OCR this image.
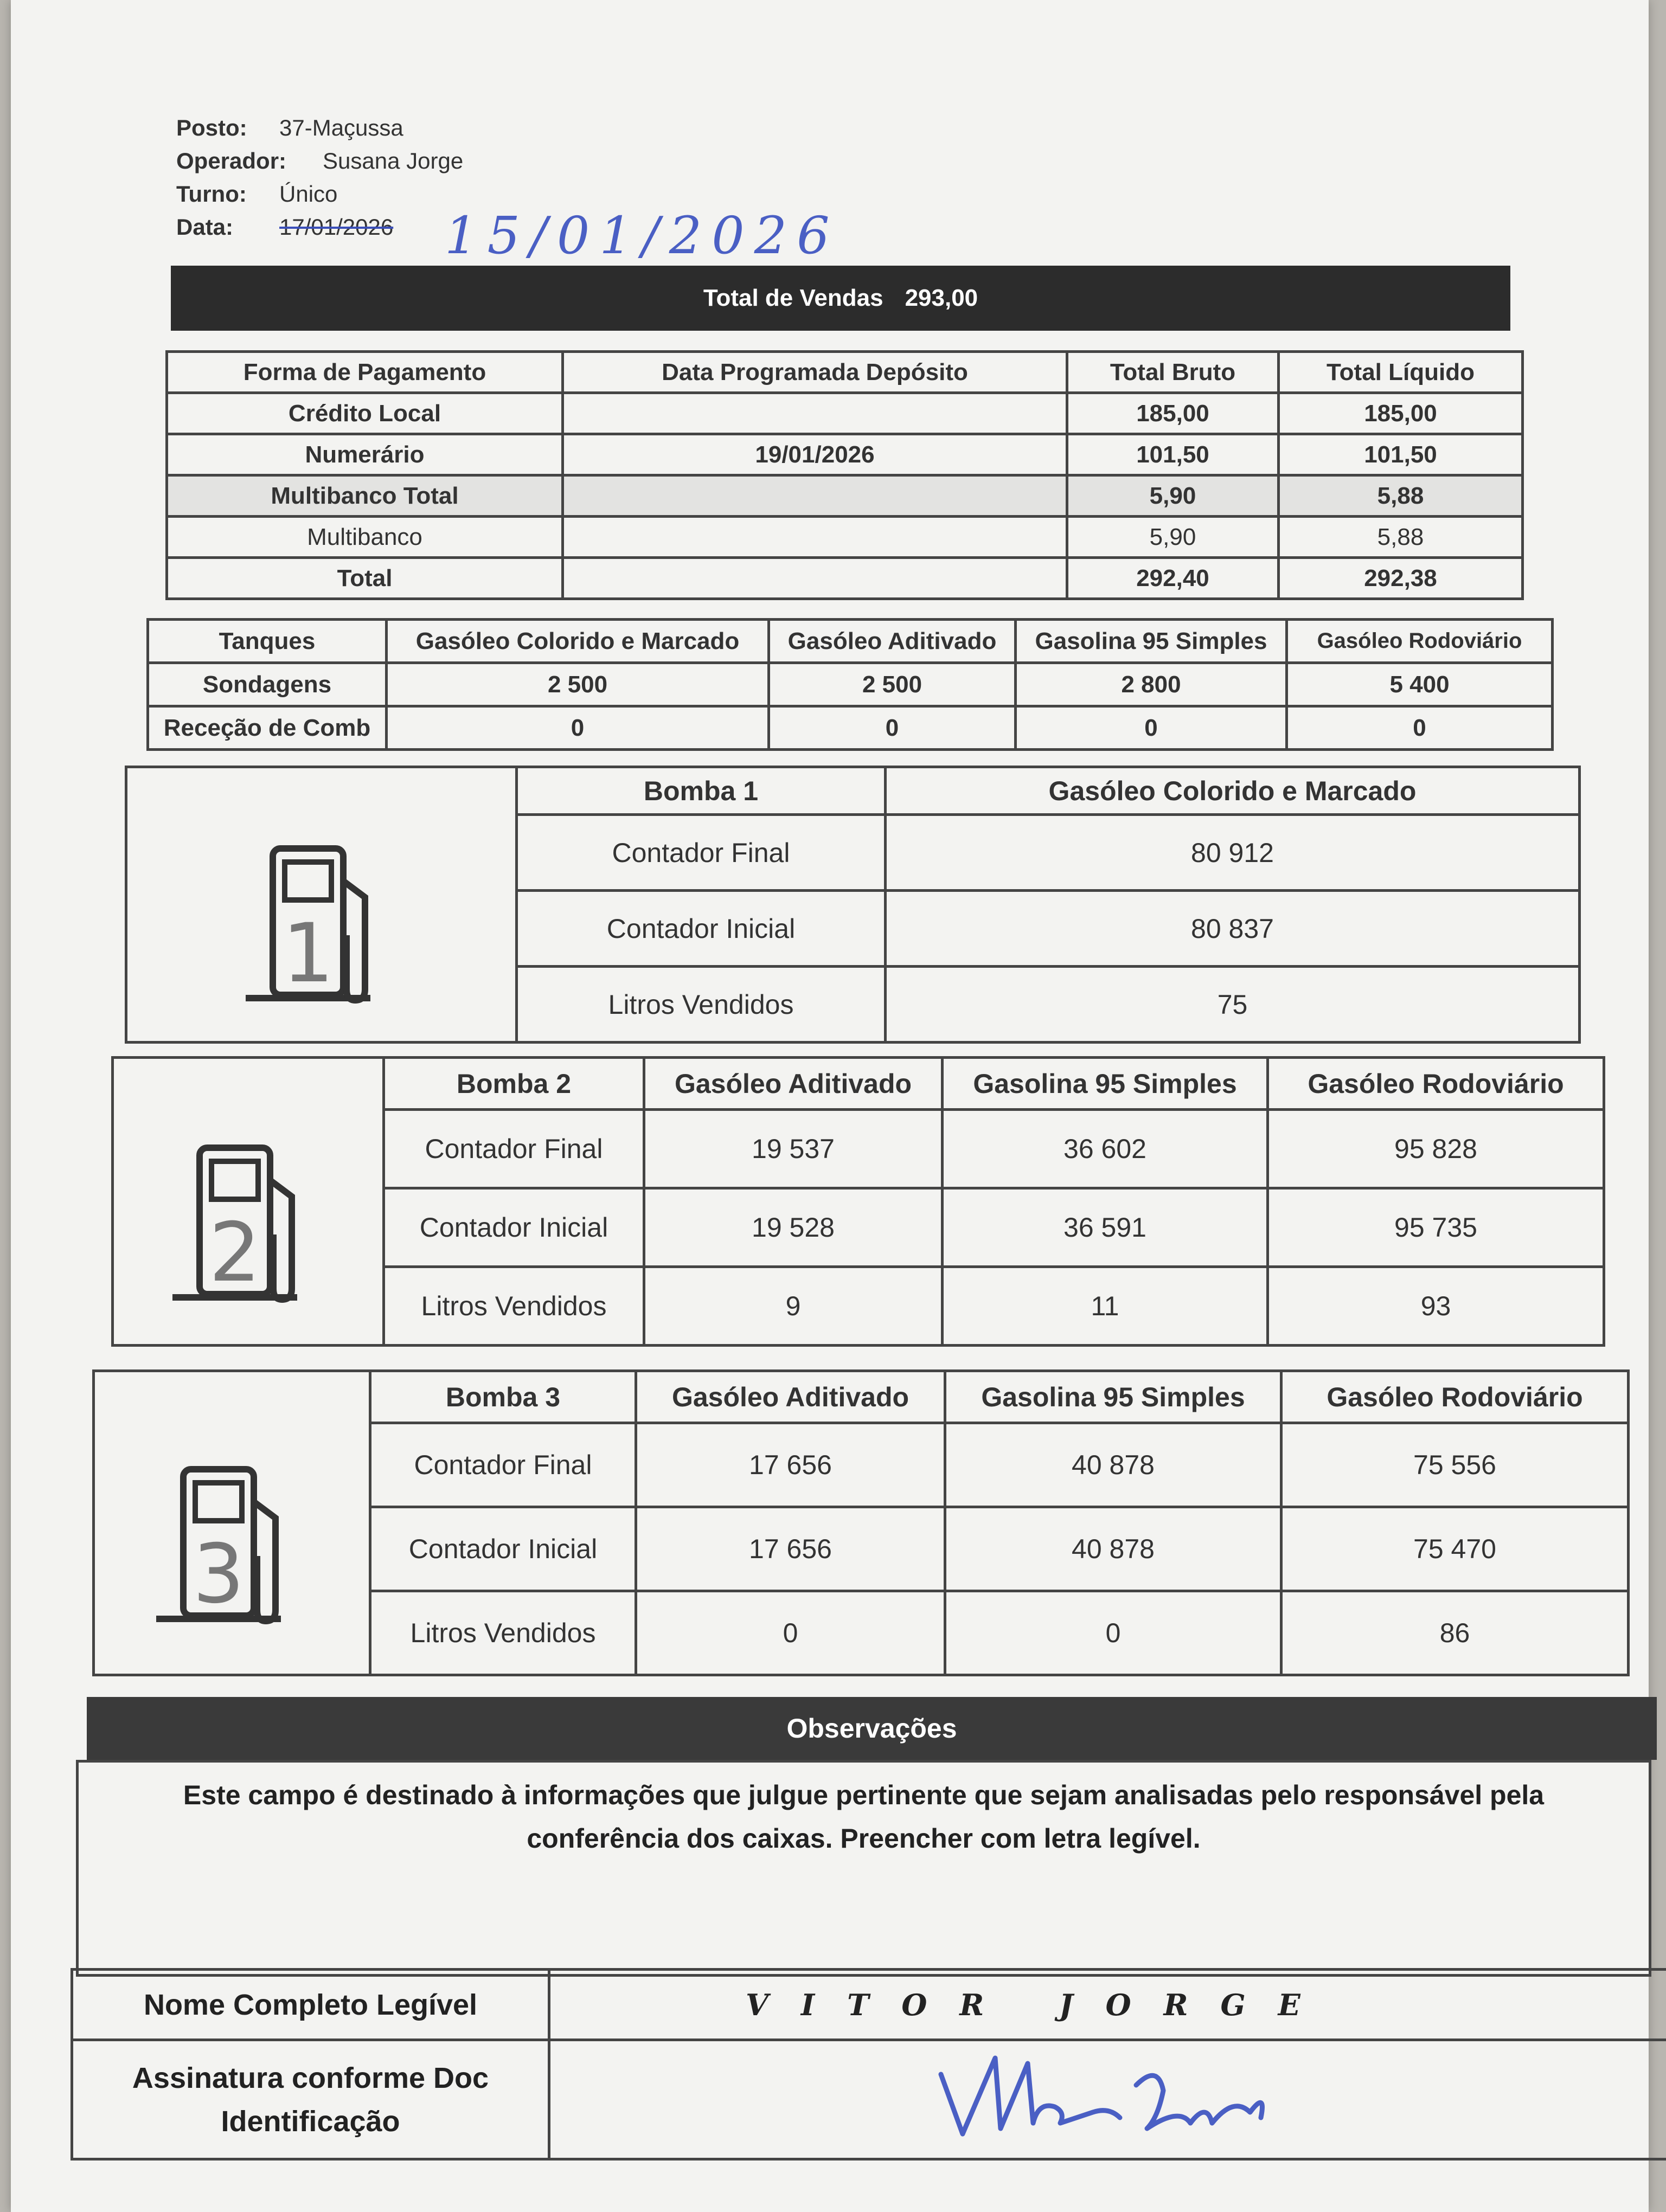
Posto:	37-Maçussa
Operador:	Susana Jorge
Turno:	Único
Data:	17/01/2026 15/01/2026
Total de Vendas 293,00
Forma de Pagamento	Data Programada Depósito	Total Bruto	Total Líquido
Crédito Local		185,00	185,00
Numerário	19/01/2026	101,50	101,50
Multibanco Total		5,90	5,88
Multibanco		5,90	5,88
Total		292,40	292,38
Tanques	Gasóleo Colorido e Marcado	Gasóleo Aditivado	Gasolina 95 Simples	Gasóleo Rodoviário
Sondagens	2 500	2 500	2 800	5 400
Receção de Comb	0	0	0	0
	Bomba 1	Gasóleo Colorido e Marcado

1	Contador Final	80 912
	Contador Inicial	80 837
	Litros Vendidos	75
	Bomba 2	Gasóleo Aditivado	Gasolina 95 Simples	Gasóleo Rodoviário

2	Contador Final	19 537	36 602	95 828
	Contador Inicial	19 528	36 591	95 735
	Litros Vendidos	9	11	93
	Bomba 3	Gasóleo Aditivado	Gasolina 95 Simples	Gasóleo Rodoviário

3	Contador Final	17 656	40 878	75 556
	Contador Inicial	17 656	40 878	75 470
	Litros Vendidos	0	0	86
Observações
Este campo é destinado à informações que julgue pertinente que sejam analisadas pelo responsável pela conferência dos caixas. Preencher com letra legível.
Nome Completo Legível	VITOR JORGE
Assinatura conforme Doc Identificação	
